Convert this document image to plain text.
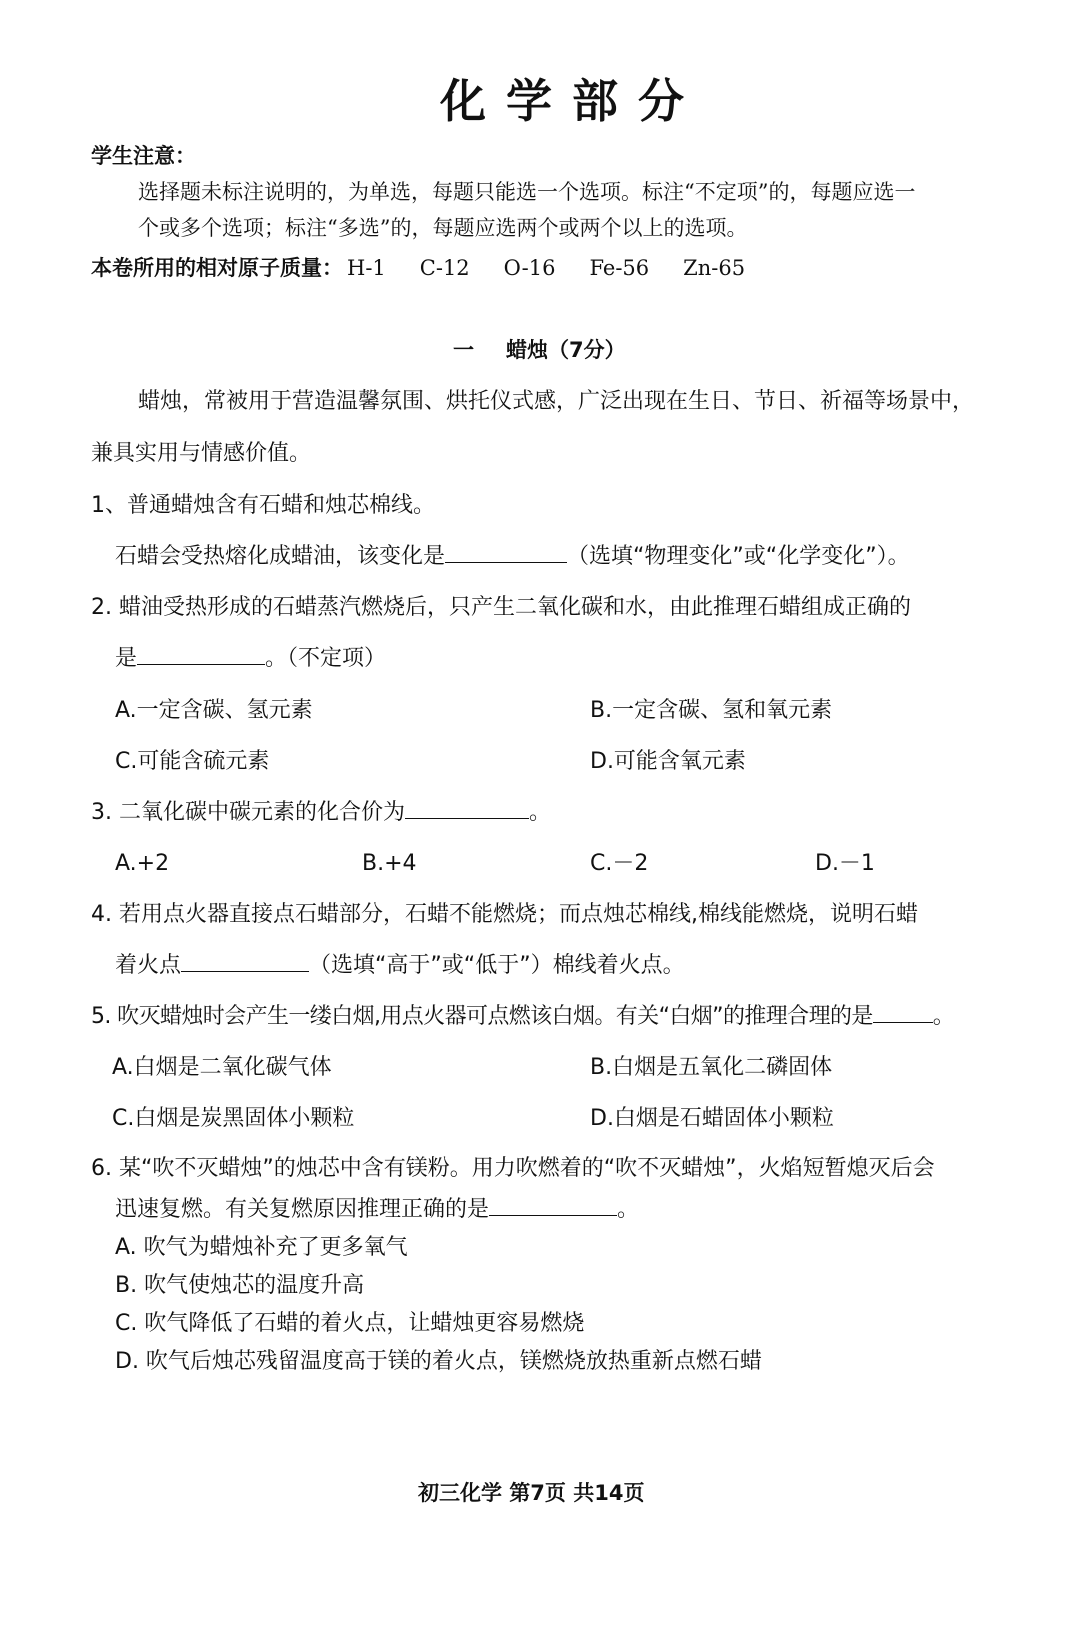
化学部分
学生注意：
选择题未标注说明的，为单选，每题只能选一个选项。标注“不定项”的，每题应选一
个或多个选项；标注“多选”的，每题应选两个或两个以上的选项。
本卷所用的相对原子质量： H-1 C-12 O-16 Fe-56 Zn-65
一 蜡烛（7分）
蜡烛，常被用于营造温馨氛围、烘托仪式感，广泛出现在生日、节日、祈福等场景中，
兼具实用与情感价值。
1、普通蜡烛含有石蜡和烛芯棉线。
石蜡会受热熔化成蜡油，该变化是	（选填“物理变化”或“化学变化”）。
2. 蜡油受热形成的石蜡蒸汽燃烧后，只产生二氧化碳和水，由此推理石蜡组成正确的
是	。（不定项）
A.一定含碳、氢元素	B.一定含碳、氢和氧元素
C.可能含硫元素	D.可能含氧元素
3. 二氧化碳中碳元素的化合价为	。
A.+2	B.+4	C.－2	D.－1
4. 若用点火器直接点石蜡部分，石蜡不能燃烧；而点烛芯棉线,棉线能燃烧，说明石蜡
着火点	（选填“高于”或“低于”）棉线着火点。
5. 吹灭蜡烛时会产生一缕白烟,用点火器可点燃该白烟。有关“白烟”的推理合理的是	。
A.白烟是二氧化碳气体	B.白烟是五氧化二磷固体
C.白烟是炭黑固体小颗粒	D.白烟是石蜡固体小颗粒
6. 某“吹不灭蜡烛”的烛芯中含有镁粉。用力吹燃着的“吹不灭蜡烛”，火焰短暂熄灭后会
迅速复燃。有关复燃原因推理正确的是	。
A. 吹气为蜡烛补充了更多氧气
B. 吹气使烛芯的温度升高
C. 吹气降低了石蜡的着火点，让蜡烛更容易燃烧
D. 吹气后烛芯残留温度高于镁的着火点，镁燃烧放热重新点燃石蜡
初三化学 第7页 共14页
